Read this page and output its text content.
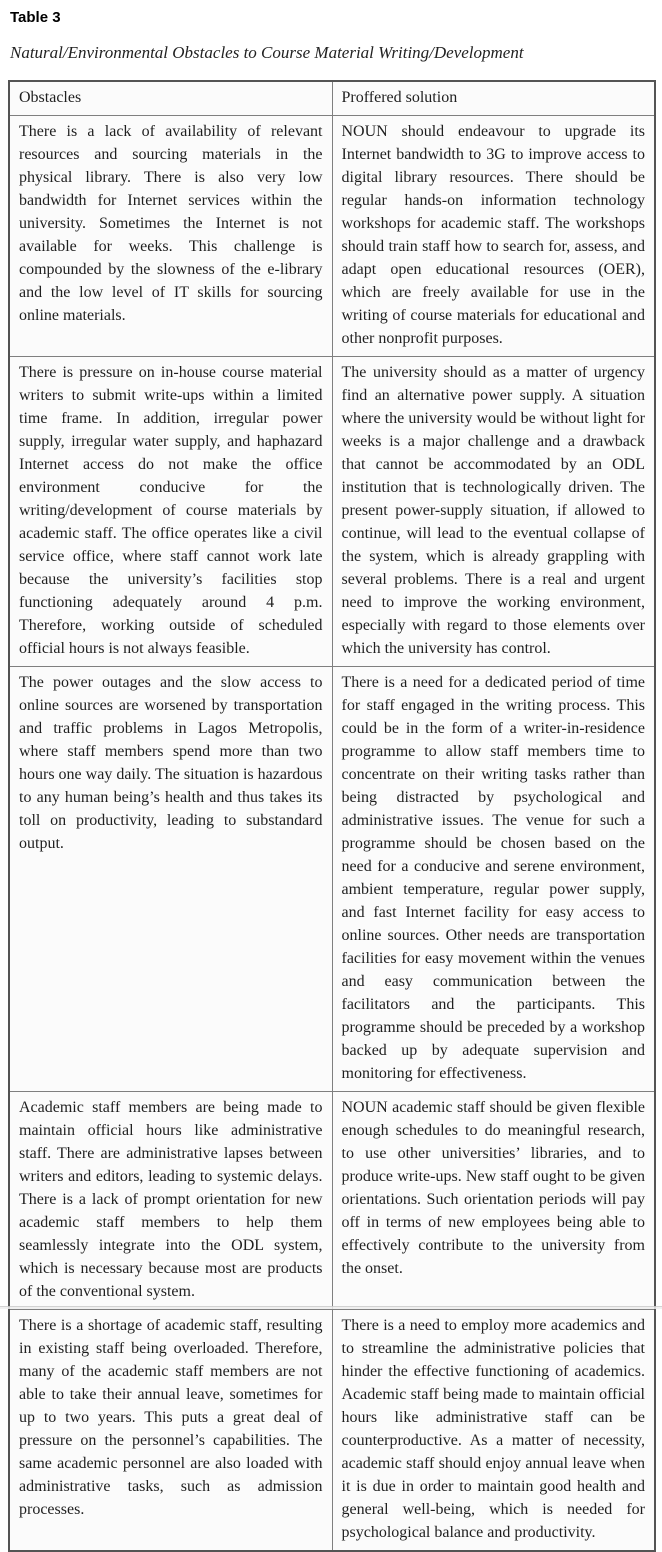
Table 3
Natural/Environmental Obstacles to Course Material Writing/Development
Obstacles	Proffered solution
There is a lack of availability of relevant resources and sourcing materials in the physical library. There is also very low bandwidth for Internet services within the university. Sometimes the Internet is not available for weeks. This challenge is compounded by the slowness of the e-library and the low level of IT skills for sourcing online materials.	NOUN should endeavour to upgrade its Internet bandwidth to 3G to improve access to digital library resources. There should be regular hands-on information technology workshops for academic staff. The workshops should train staff how to search for, assess, and adapt open educational resources (OER), which are freely available for use in the writing of course materials for educational and other nonprofit purposes.
There is pressure on in-house course material writers to submit write-ups within a limited time frame. In addition, irregular power supply, irregular water supply, and haphazard Internet access do not make the office environment conducive for the writing/development of course materials by academic staff. The office operates like a civil service office, where staff cannot work late because the university’s facilities stop functioning adequately around 4 p.m. Therefore, working outside of scheduled official hours is not always feasible.	The university should as a matter of urgency find an alternative power supply. A situation where the university would be without light for weeks is a major challenge and a drawback that cannot be accommodated by an ODL institution that is technologically driven. The present power-supply situation, if allowed to continue, will lead to the eventual collapse of the system, which is already grappling with several problems. There is a real and urgent need to improve the working environment, especially with regard to those elements over which the university has control.
The power outages and the slow access to online sources are worsened by transportation and traffic problems in Lagos Metropolis, where staff members spend more than two hours one way daily. The situation is hazardous to any human being’s health and thus takes its toll on productivity, leading to substandard output.	There is a need for a dedicated period of time for staff engaged in the writing process. This could be in the form of a writer-in-residence programme to allow staff members time to concentrate on their writing tasks rather than being distracted by psychological and administrative issues. The venue for such a programme should be chosen based on the need for a conducive and serene environment, ambient temperature, regular power supply, and fast Internet facility for easy access to online sources. Other needs are transportation facilities for easy movement within the venues and easy communication between the facilitators and the participants. This programme should be preceded by a workshop backed up by adequate supervision and monitoring for effectiveness.
Academic staff members are being made to maintain official hours like administrative staff. There are administrative lapses between writers and editors, leading to systemic delays. There is a lack of prompt orientation for new academic staff members to help them seamlessly integrate into the ODL system, which is necessary because most are products of the conventional system.	NOUN academic staff should be given flexible enough schedules to do meaningful research, to use other universities’ libraries, and to produce write-ups. New staff ought to be given orientations. Such orientation periods will pay off in terms of new employees being able to effectively contribute to the university from the onset.
There is a shortage of academic staff, resulting in existing staff being overloaded. Therefore, many of the academic staff members are not able to take their annual leave, sometimes for up to two years. This puts a great deal of pressure on the personnel’s capabilities. The same academic personnel are also loaded with administrative tasks, such as admission processes.	There is a need to employ more academics and to streamline the administrative policies that hinder the effective functioning of academics. Academic staff being made to maintain official hours like administrative staff can be counterproductive. As a matter of necessity, academic staff should enjoy annual leave when it is due in order to maintain good health and general well-being, which is needed for psychological balance and productivity.
